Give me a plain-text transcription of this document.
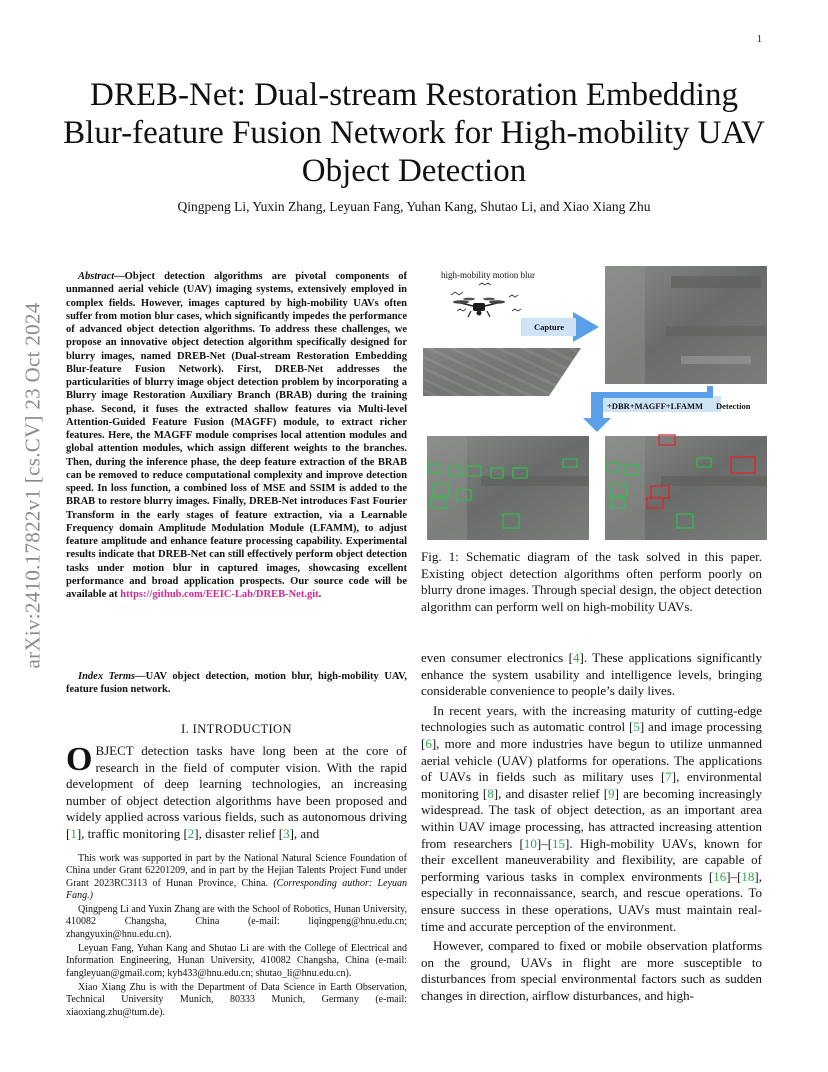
1
arXiv:2410.17822v1 [cs.CV] 23 Oct 2024
DREB-Net: Dual-stream Restoration Embedding Blur-feature Fusion Network for High-mobility UAV Object Detection
Qingpeng Li, Yuxin Zhang, Leyuan Fang, Yuhan Kang, Shutao Li, and Xiao Xiang Zhu
Abstract—Object detection algorithms are pivotal components of unmanned aerial vehicle (UAV) imaging systems, extensively employed in complex fields. However, images captured by high-mobility UAVs often suffer from motion blur cases, which significantly impedes the performance of advanced object detection algorithms. To address these challenges, we propose an innovative object detection algorithm specifically designed for blurry images, named DREB-Net (Dual-stream Restoration Embedding Blur-feature Fusion Network). First, DREB-Net addresses the particularities of blurry image object detection problem by incorporating a Blurry image Restoration Auxiliary Branch (BRAB) during the training phase. Second, it fuses the extracted shallow features via Multi-level Attention-Guided Feature Fusion (MAGFF) module, to extract richer features. Here, the MAGFF module comprises local attention modules and global attention modules, which assign different weights to the branches. Then, during the inference phase, the deep feature extraction of the BRAB can be removed to reduce computational complexity and improve detection speed. In loss function, a combined loss of MSE and SSIM is added to the BRAB to restore blurry images. Finally, DREB-Net introduces Fast Fourier Transform in the early stages of feature extraction, via a Learnable Frequency domain Amplitude Modulation Module (LFAMM), to adjust feature amplitude and enhance feature processing capability. Experimental results indicate that DREB-Net can still effectively perform object detection tasks under motion blur in captured images, showcasing excellent performance and broad application prospects. Our source code will be available at https://github.com/EEIC-Lab/DREB-Net.git.
Index Terms—UAV object detection, motion blur, high-mobility UAV, feature fusion network.
I. INTRODUCTION

OBJECT detection tasks have long been at the core of research in the field of computer vision. With the rapid development of deep learning technologies, an increasing number of object detection algorithms have been proposed and widely applied across various fields, such as autonomous driving [1], traffic monitoring [2], disaster relief [3], and

This work was supported in part by the National Natural Science Foundation of China under Grant 62201209, and in part by the Hejian Talents Project Fund under Grant 2023RC3113 of Hunan Province, China. (Corresponding author: Leyuan Fang.)

Qingpeng Li and Yuxin Zhang are with the School of Robotics, Hunan University, 410082 Changsha, China (e-mail: liqingpeng@hnu.edu.cn; zhangyuxin@hnu.edu.cn).

Leyuan Fang, Yuhan Kang and Shutao Li are with the College of Electrical and Information Engineering, Hunan University, 410082 Changsha, China (e-mail: fangleyuan@gmail.com; kyh433@hnu.edu.cn; shutao_li@hnu.edu.cn).

Xiao Xiang Zhu is with the Department of Data Science in Earth Observation, Technical University Munich, 80333 Munich, Germany (e-mail: xiaoxiang.zhu@tum.de).

high-mobility motion blur
Capture
+DBR+MAGFF+LFAMM Detection
Fig. 1: Schematic diagram of the task solved in this paper. Existing object detection algorithms often perform poorly on blurry drone images. Through special design, the object detection algorithm can perform well on high-mobility UAVs.

even consumer electronics [4]. These applications significantly enhance the system usability and intelligence levels, bringing considerable convenience to people’s daily lives.

In recent years, with the increasing maturity of cutting-edge technologies such as automatic control [5] and image processing [6], more and more industries have begun to utilize unmanned aerial vehicle (UAV) platforms for operations. The applications of UAVs in fields such as military uses [7], environmental monitoring [8], and disaster relief [9] are becoming increasingly widespread. The task of object detection, as an important area within UAV image processing, has attracted increasing attention from researchers [10]–[15]. High-mobility UAVs, known for their excellent maneuverability and flexibility, are capable of performing various tasks in complex environments [16]–[18], especially in reconnaissance, search, and rescue operations. To ensure success in these operations, UAVs must maintain real-time and accurate perception of the environment.

However, compared to fixed or mobile observation platforms on the ground, UAVs in flight are more susceptible to disturbances from special environmental factors such as sudden changes in direction, airflow disturbances, and high-
